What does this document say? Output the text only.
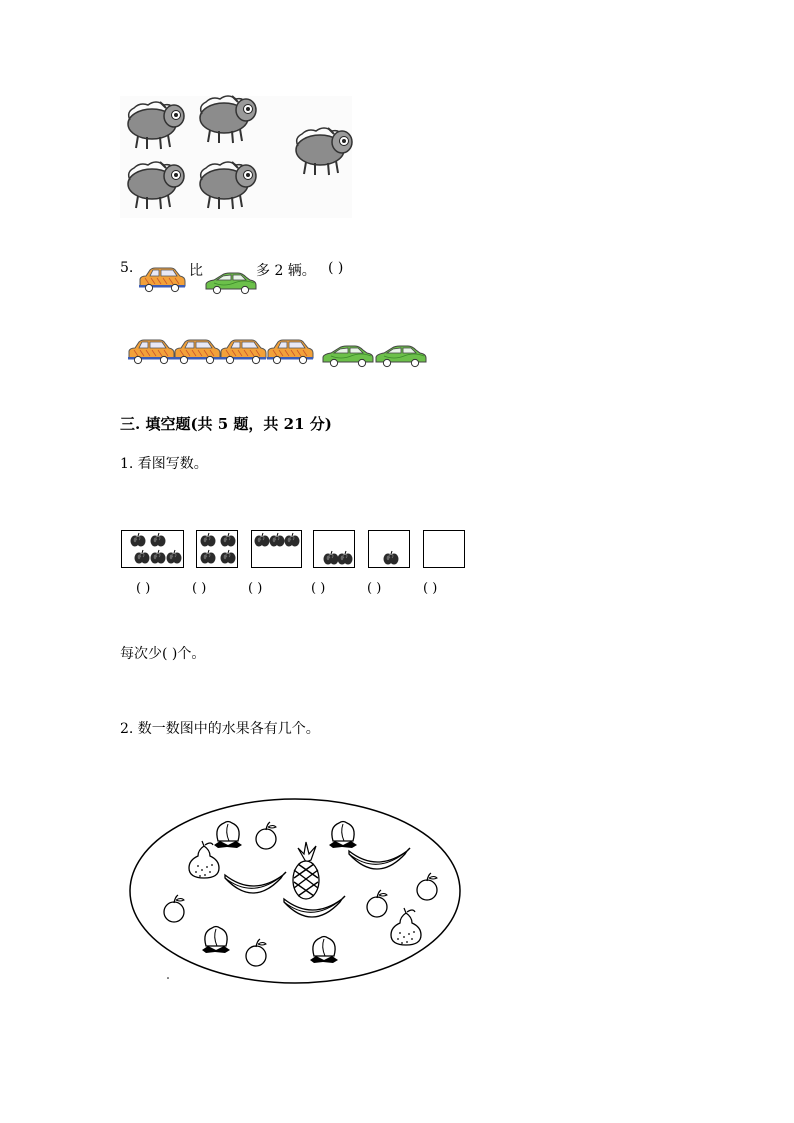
5.	比	多 2 辆。 ( )
三. 填空题(共 5 题，共 21 分)
1. 看图写数。
( )	( )	( )	( )	( )	( )
每次少( )个。
2. 数一数图中的水果各有几个。
